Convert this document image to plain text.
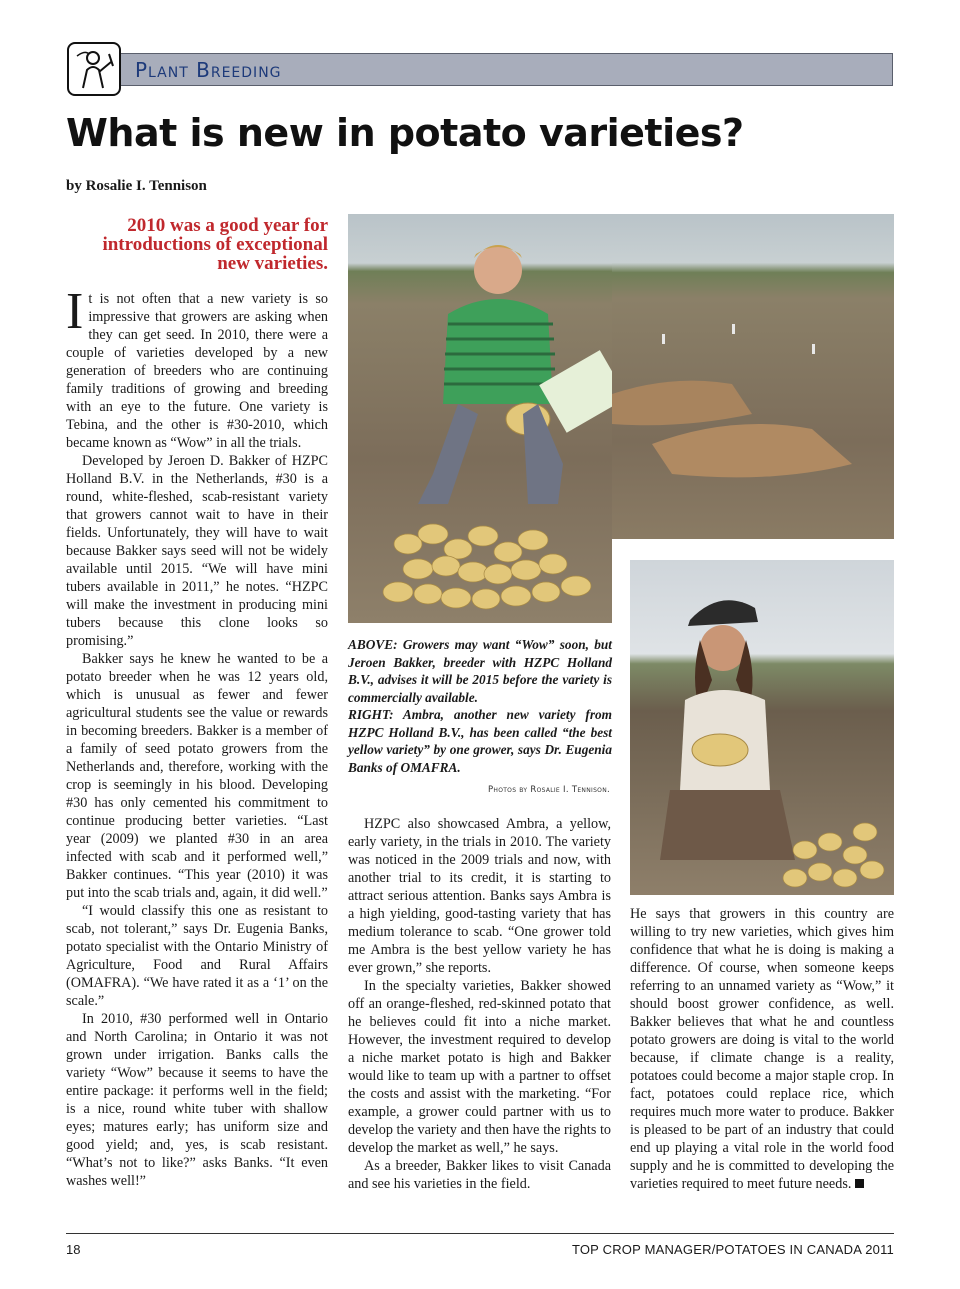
Plant Breeding
What is new in potato varieties?
by Rosalie I. Tennison
2010 was a good year for introductions of exceptional new varieties.

It is not often that a new variety is so impressive that growers are asking when they can get seed. In 2010, there were a couple of varieties developed by a new generation of breeders who are continuing family traditions of growing and breeding with an eye to the future. One variety is Tebina, and the other is #30-2010, which became known as “Wow” in all the trials.

Developed by Jeroen D. Bakker of HZPC Holland B.V. in the Netherlands, #30 is a round, white-fleshed, scab-resistant variety that growers cannot wait to have in their fields. Unfortunately, they will have to wait because Bakker says seed will not be widely available until 2015. “We will have mini tubers available in 2011,” he notes. “HZPC will make the investment in producing mini tubers because this clone looks so promising.”

Bakker says he knew he wanted to be a potato breeder when he was 12 years old, which is unusual as fewer and fewer agricultural students see the value or rewards in becoming breeders. Bakker is a member of a family of seed potato growers from the Netherlands and, therefore, working with the crop is seemingly in his blood. Developing #30 has only cemented his commitment to continue producing better varieties. “Last year (2009) we planted #30 in an area infected with scab and it performed well,” Bakker continues. “This year (2010) it was put into the scab trials and, again, it did well.”

“I would classify this one as resistant to scab, not tolerant,” says Dr. Eugenia Banks, potato specialist with the Ontario Ministry of Agriculture, Food and Rural Affairs (OMAFRA). “We have rated it as a ‘1’ on the scale.”

In 2010, #30 performed well in Ontario and North Carolina; in Ontario it was not grown under irrigation. Banks calls the variety “Wow” because it seems to have the entire package: it performs well in the field; is a nice, round white tuber with shallow eyes; matures early; has uniform size and good yield; and, yes, is scab resistant. “What’s not to like?” asks Banks. “It even washes well!”

ABOVE: Growers may want “Wow” soon, but Jeroen Bakker, breeder with HZPC Holland B.V., advises it will be 2015 before the variety is commercially available.
RIGHT: Ambra, another new variety from HZPC Holland B.V., has been called “the best yellow variety” by one grower, says Dr. Eugenia Banks of OMAFRA.
Photos by Rosalie I. Tennison.

HZPC also showcased Ambra, a yellow, early variety, in the trials in 2010. The variety was noticed in the 2009 trials and now, with another trial to its credit, it is starting to attract serious attention. Banks says Ambra is a high yielding, good-tasting variety that has medium tolerance to scab. “One grower told me Ambra is the best yellow variety he has ever grown,” she reports.

In the specialty varieties, Bakker showed off an orange-fleshed, red-skinned potato that he believes could fit into a niche market. However, the investment required to develop a niche market potato is high and Bakker would like to team up with a partner to offset the costs and assist with the marketing. “For example, a grower could partner with us to develop the variety and then have the rights to develop the market as well,” he says.

As a breeder, Bakker likes to visit Canada and see his varieties in the field.

He says that growers in this country are willing to try new varieties, which gives him confidence that what he is doing is making a difference. Of course, when someone keeps referring to an unnamed variety as “Wow,” it should boost grower confidence, as well. Bakker believes that what he and countless potato growers are doing is vital to the world because, if climate change is a reality, potatoes could become a major staple crop. In fact, potatoes could replace rice, which requires much more water to produce. Bakker is pleased to be part of an industry that could end up playing a vital role in the world food supply and he is committed to developing the varieties required to meet future needs.

18	TOP CROP MANAGER/POTATOES IN CANADA 2011
